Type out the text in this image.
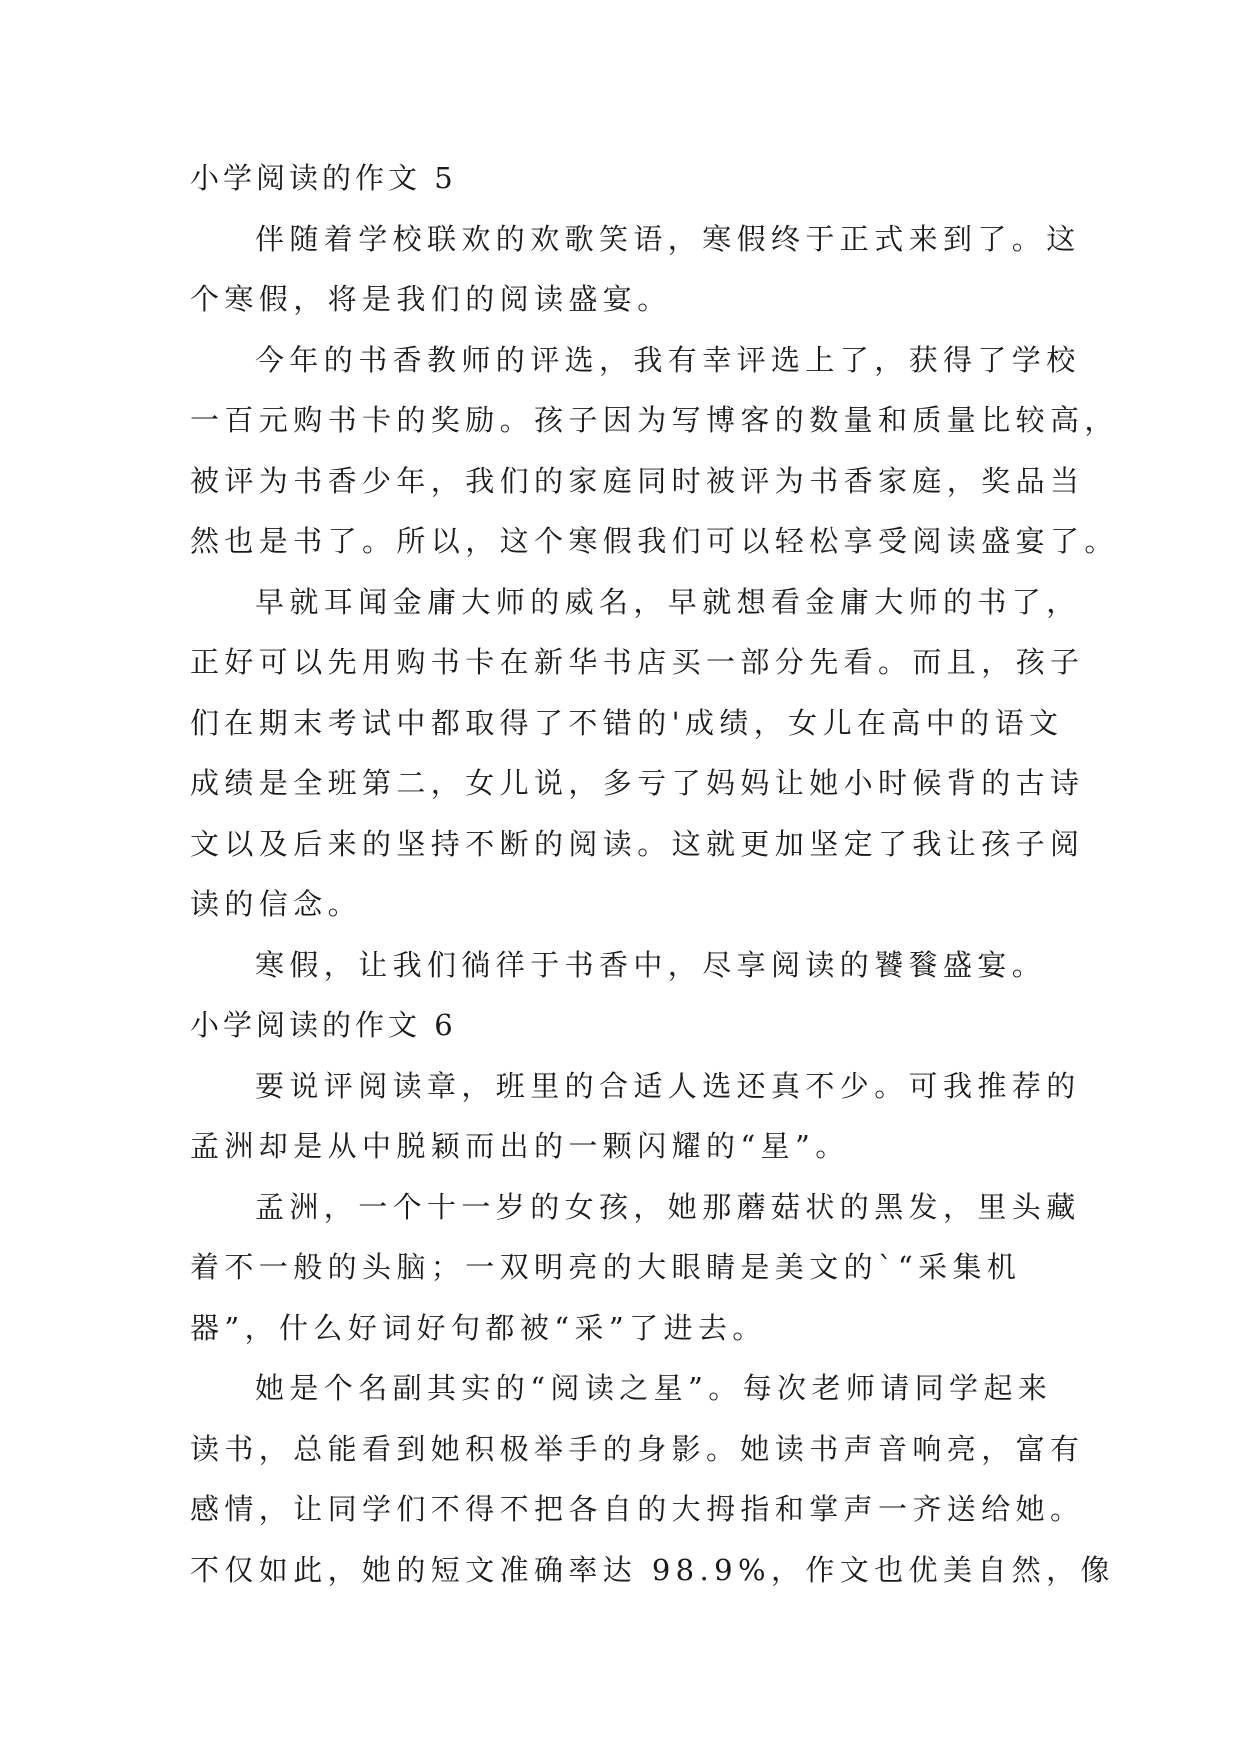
小学阅读的作文 5
伴随着学校联欢的欢歌笑语，寒假终于正式来到了。这
个寒假，将是我们的阅读盛宴。
今年的书香教师的评选，我有幸评选上了，获得了学校
一百元购书卡的奖励。孩子因为写博客的数量和质量比较高，
被评为书香少年，我们的家庭同时被评为书香家庭，奖品当
然也是书了。所以，这个寒假我们可以轻松享受阅读盛宴了。
早就耳闻金庸大师的威名，早就想看金庸大师的书了，
正好可以先用购书卡在新华书店买一部分先看。而且，孩子
们在期末考试中都取得了不错的'成绩，女儿在高中的语文
成绩是全班第二，女儿说，多亏了妈妈让她小时候背的古诗
文以及后来的坚持不断的阅读。这就更加坚定了我让孩子阅
读的信念。
寒假，让我们徜徉于书香中，尽享阅读的饕餮盛宴。
小学阅读的作文 6
要说评阅读章，班里的合适人选还真不少。可我推荐的
孟洲却是从中脱颖而出的一颗闪耀的“星”。
孟洲，一个十一岁的女孩，她那蘑菇状的黑发，里头藏
着不一般的头脑；一双明亮的大眼睛是美文的`“采集机
器”，什么好词好句都被“采”了进去。
她是个名副其实的“阅读之星”。每次老师请同学起来
读书，总能看到她积极举手的身影。她读书声音响亮，富有
感情，让同学们不得不把各自的大拇指和掌声一齐送给她。
不仅如此，她的短文准确率达 98.9%，作文也优美自然，像
